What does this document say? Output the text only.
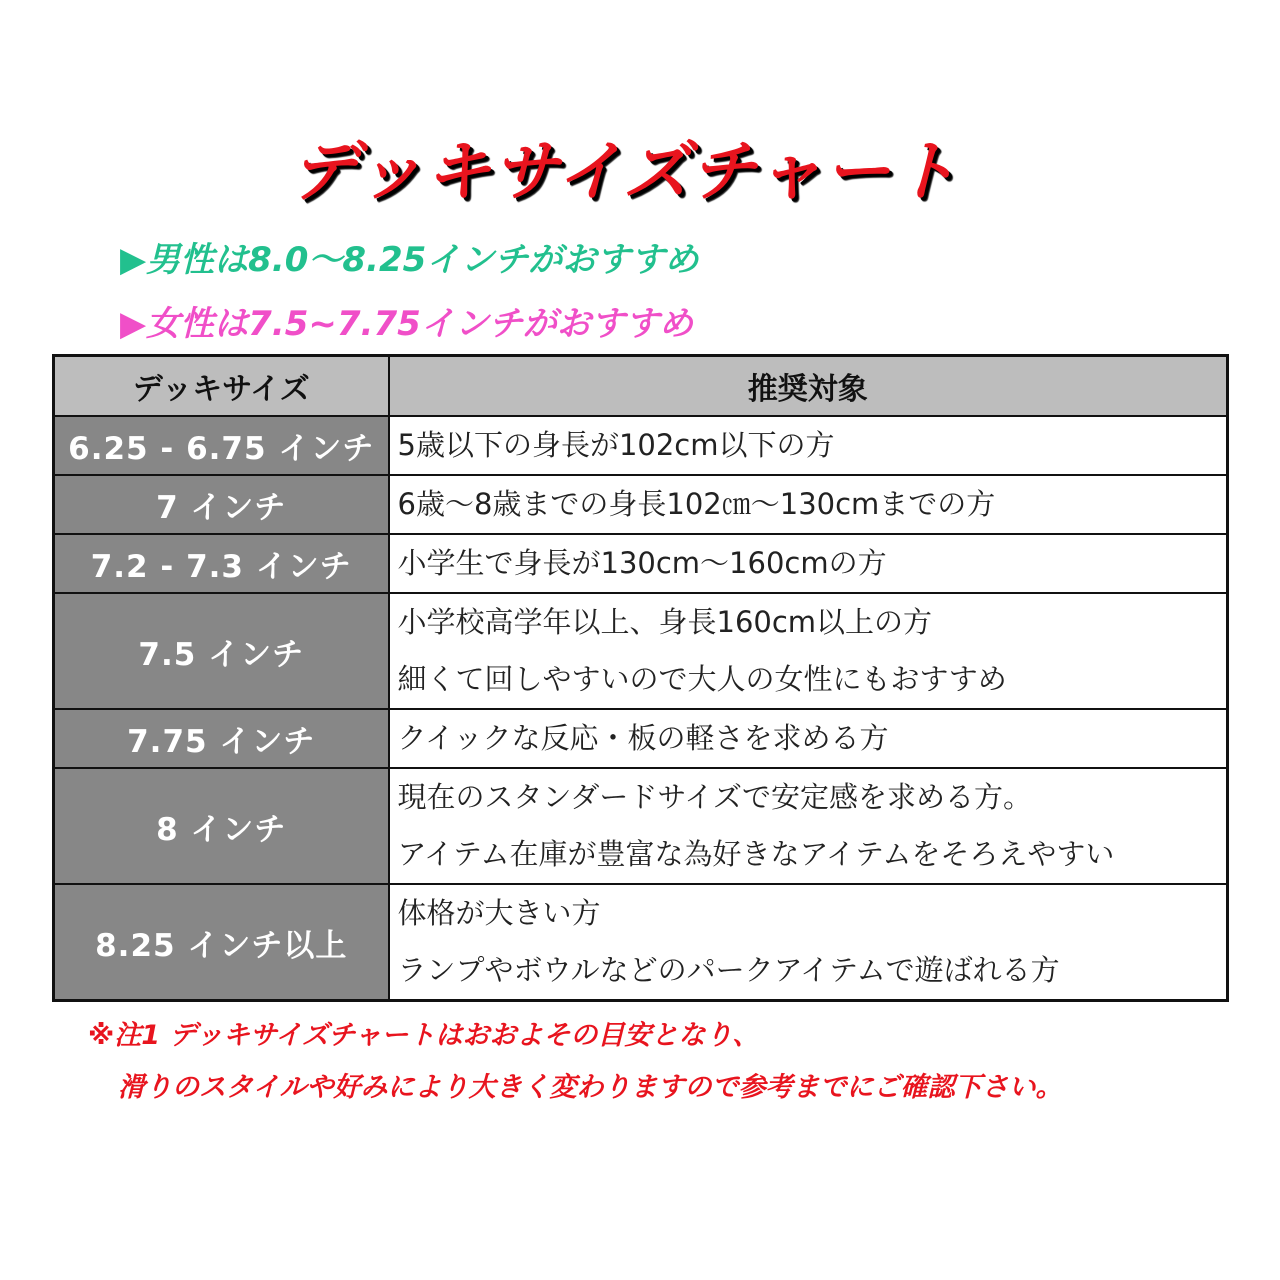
デッキサイズチャート
▶男性は8.0～8.25インチがおすすめ
▶女性は7.5~7.75インチがおすすめ
デッキサイズ	推奨対象
6.25 - 6.75 インチ	5歳以下の身長が102cm以下の方

7 インチ	6歳～8歳までの身長102㎝～130cmまでの方

7.2 - 7.3 インチ	小学生で身長が130cm～160cmの方

7.5 インチ	小学校高学年以上、身長160cm以上の方
細くて回しやすいので大人の女性にもおすすめ

7.75 インチ	クイックな反応・板の軽さを求める方

8 インチ	現在のスタンダードサイズで安定感を求める方。
アイテム在庫が豊富な為好きなアイテムをそろえやすい

8.25 インチ以上	体格が大きい方
ランプやボウルなどのパークアイテムで遊ばれる方
※注1 デッキサイズチャートはおおよその目安となり、
滑りのスタイルや好みにより大きく変わりますので参考までにご確認下さい。
